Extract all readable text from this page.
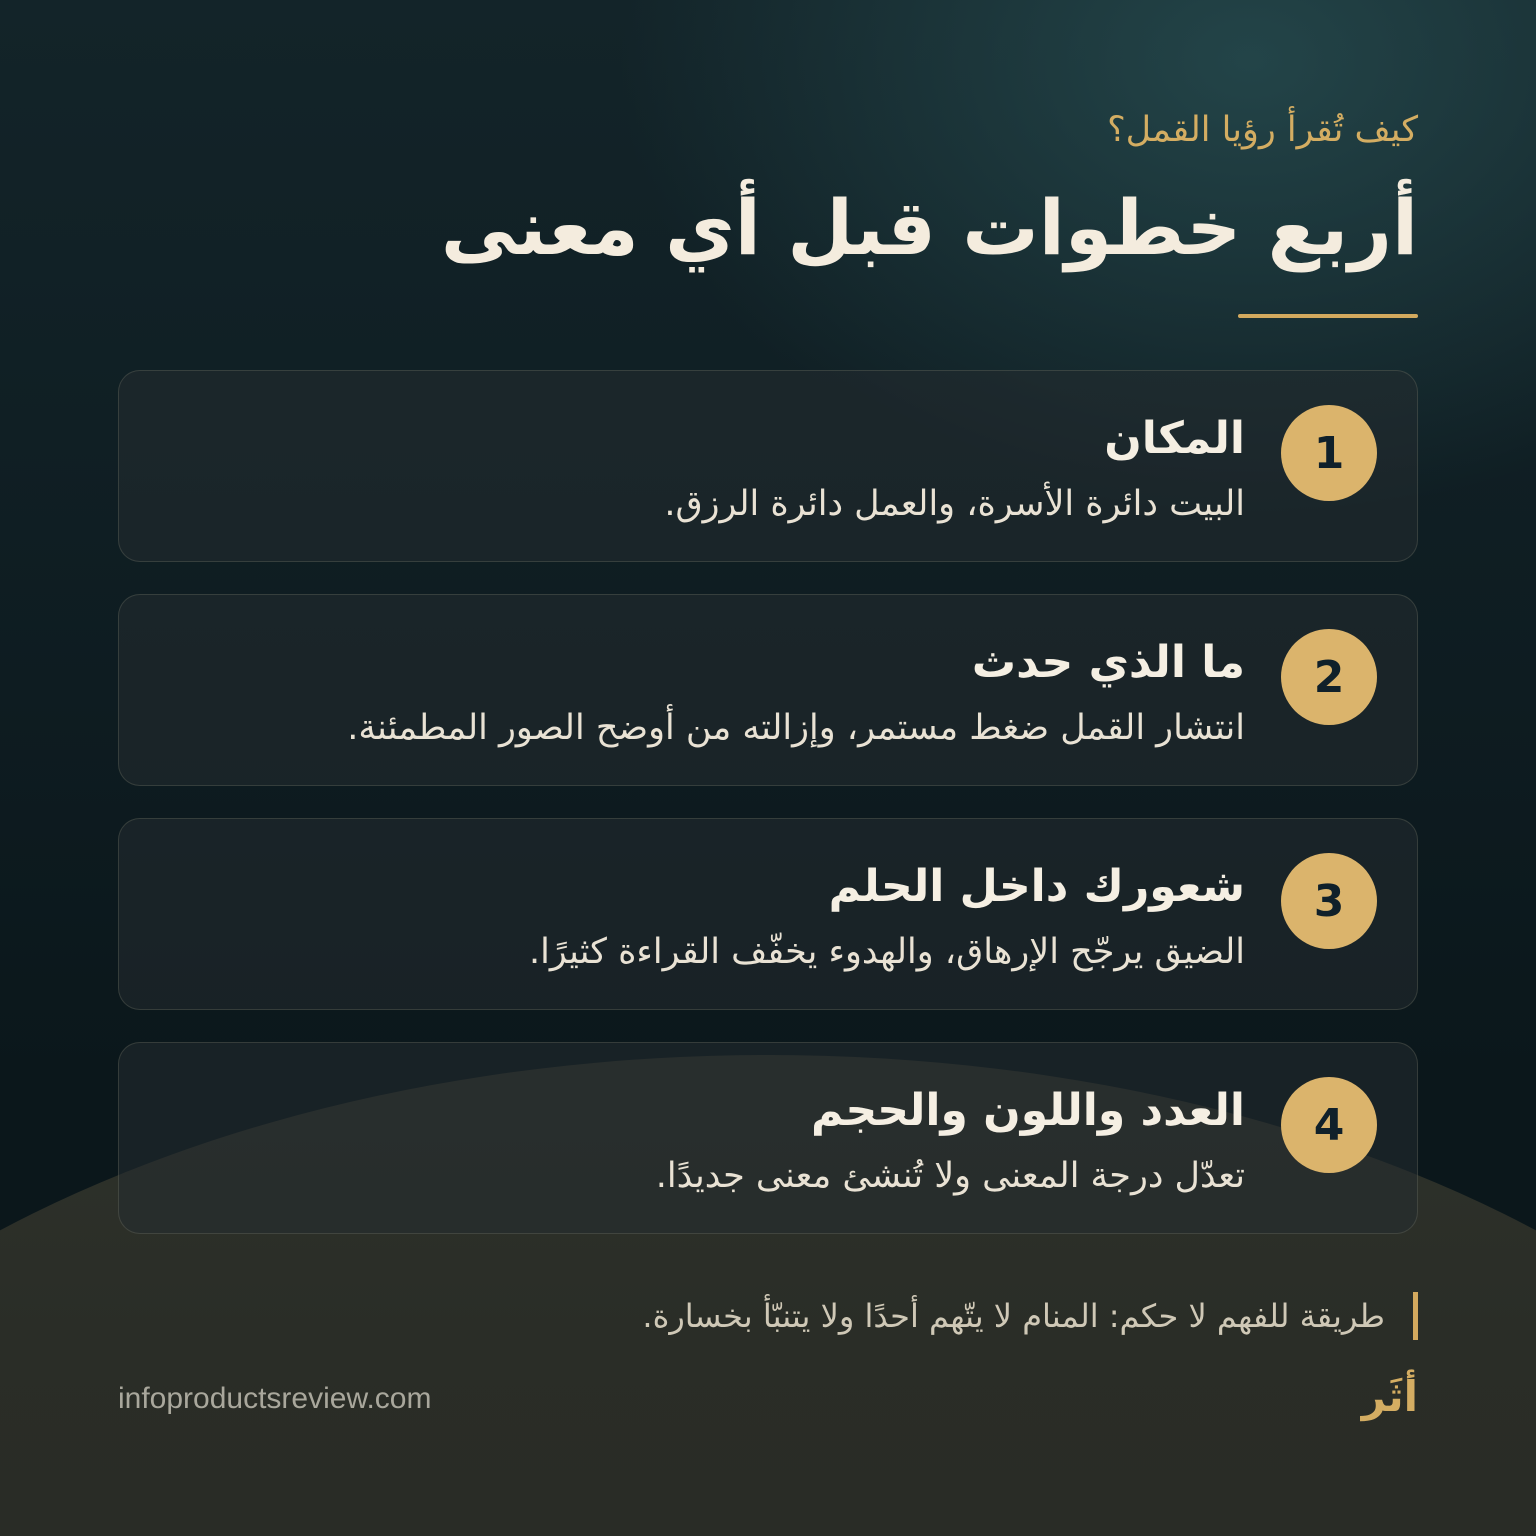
كيف تُقرأ رؤيا القمل؟
أربع خطوات قبل أي معنى
1
المكان
البيت دائرة الأسرة، والعمل دائرة الرزق.
2
ما الذي حدث
انتشار القمل ضغط مستمر، وإزالته من أوضح الصور المطمئنة.
3
شعورك داخل الحلم
الضيق يرجّح الإرهاق، والهدوء يخفّف القراءة كثيرًا.
4
العدد واللون والحجم
تعدّل درجة المعنى ولا تُنشئ معنى جديدًا.
طريقة للفهم لا حكم: المنام لا يتّهم أحدًا ولا يتنبّأ بخسارة.
infoproductsreview.com	أثَر
